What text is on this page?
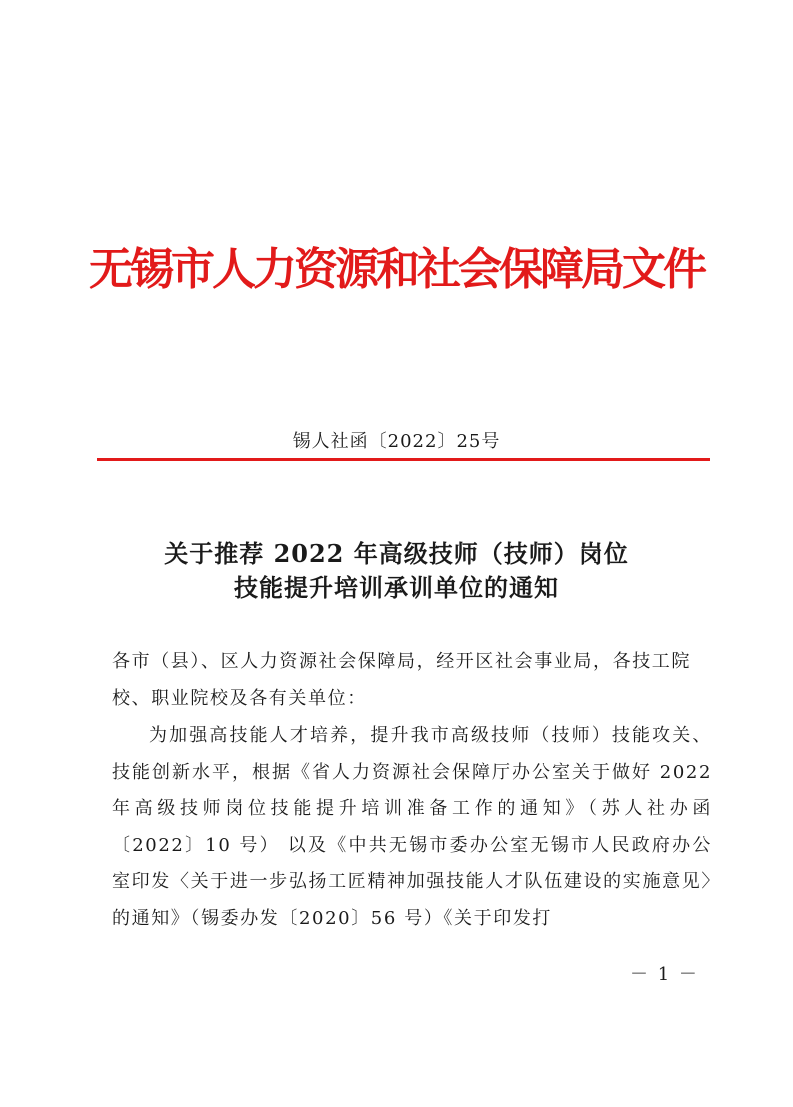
无锡市人力资源和社会保障局文件
锡人社函〔2022〕25号
关于推荐 2022 年高级技师（技师）岗位
技能提升培训承训单位的通知
各市（县）、区人力资源社会保障局，经开区社会事业局，各技工院校、职业院校及各有关单位：
为加强高技能人才培养，提升我市高级技师（技师）技能攻关、技能创新水平，根据《省人力资源社会保障厅办公室关于做好 2022 年高级技师岗位技能提升培训准备工作的通知》（苏人社办函〔2022〕10 号） 以及《中共无锡市委办公室无锡市人民政府办公室印发〈关于进一步弘扬工匠精神加强技能人才队伍建设的实施意见〉的通知》（锡委办发〔2020〕56 号）《关于印发打
－ 1 －
